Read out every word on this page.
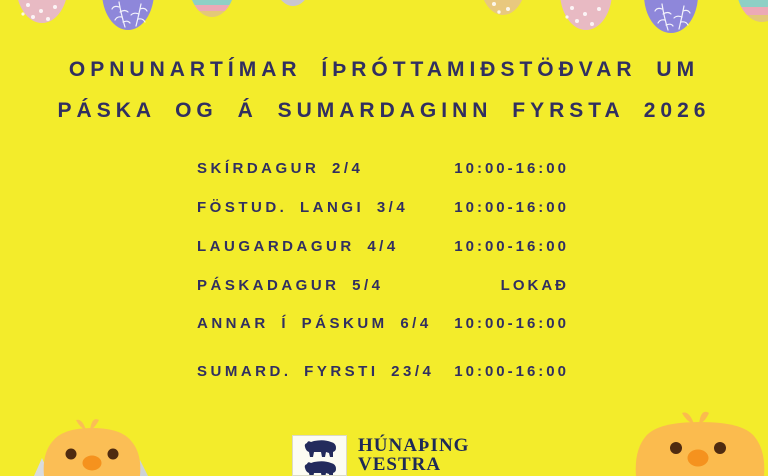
OPNUNARTÍMAR ÍÞRÓTTAMIÐSTÖÐVAR UM
PÁSKA OG Á SUMARDAGINN FYRSTA 2026
SKÍRDAGUR 2/4	10:00-16:00
FÖSTUD. LANGI 3/4	10:00-16:00
LAUGARDAGUR 4/4	10:00-16:00
PÁSKADAGUR 5/4	LOKAÐ
ANNAR Í PÁSKUM 6/4 10:00-16:00
SUMARD. FYRSTI 23/4 10:00-16:00
HÚNAÞING
VESTRA
